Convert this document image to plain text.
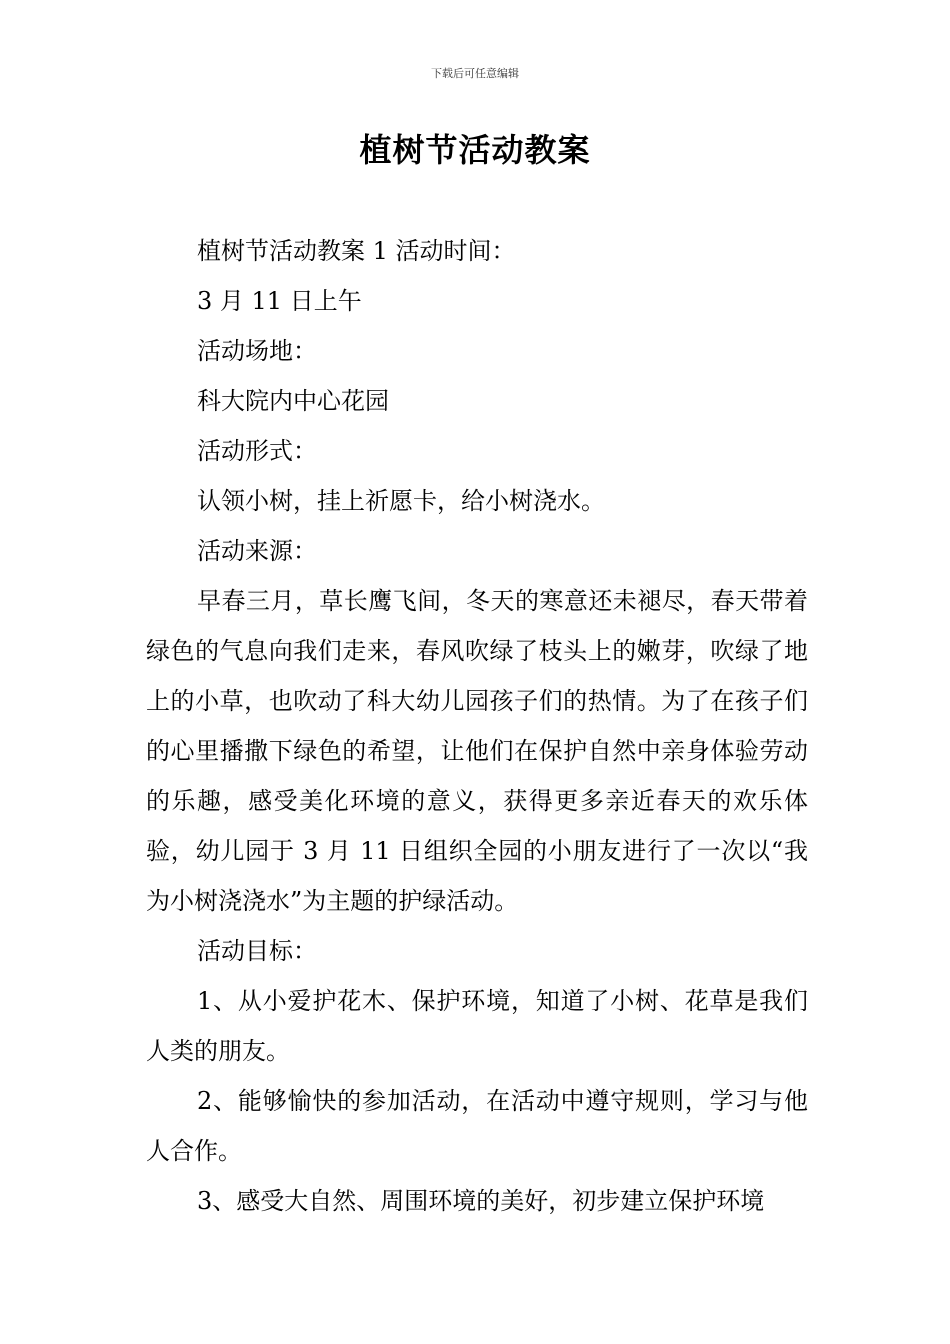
下载后可任意编辑
植树节活动教案

植树节活动教案 1 活动时间：

3 月 11 日上午

活动场地：

科大院内中心花园

活动形式：

认领小树，挂上祈愿卡，给小树浇水。

活动来源：

早春三月，草长鹰飞间，冬天的寒意还未褪尽，春天带着绿色的气息向我们走来，春风吹绿了枝头上的嫩芽，吹绿了地上的小草，也吹动了科大幼儿园孩子们的热情。为了在孩子们的心里播撒下绿色的希望，让他们在保护自然中亲身体验劳动的乐趣，感受美化环境的意义，获得更多亲近春天的欢乐体验，幼儿园于 3 月 11 日组织全园的小朋友进行了一次以“我为小树浇浇水”为主题的护绿活动。

活动目标：

1、从小爱护花木、保护环境，知道了小树、花草是我们人类的朋友。

2、能够愉快的参加活动，在活动中遵守规则，学习与他人合作。

3、感受大自然、周围环境的美好，初步建立保护环境
